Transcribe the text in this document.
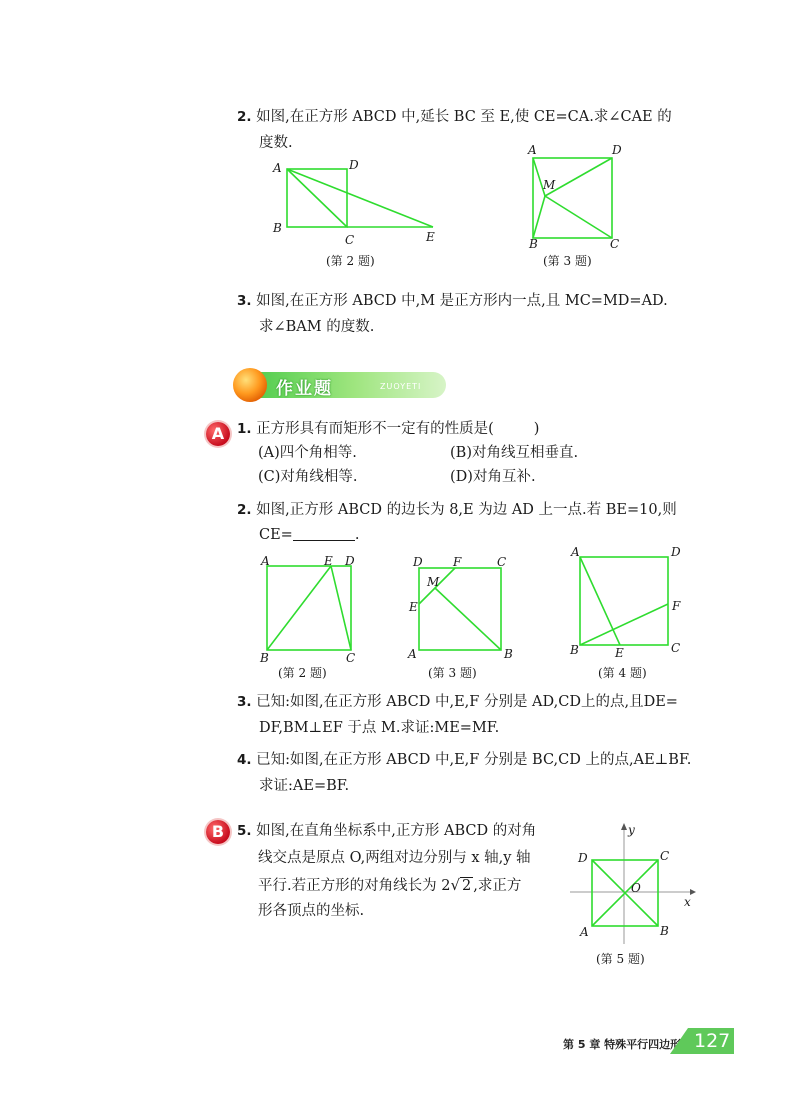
2. 如图,在正方形 ABCD 中,延长 BC 至 E,使 CE=CA.求∠CAE 的
度数.
A	D
B
C	E
(第 2 题)
A	D
M
B	C
(第 3 题)
3. 如图,在正方形 ABCD 中,M 是正方形内一点,且 MC=MD=AD.
求∠BAM 的度数.
作业题	ZUOYETI
A 1. 正方形具有而矩形不一定有的性质是(	)
(A)四个角相等.	(B)对角线互相垂直.
(C)对角线相等.	(D)对角互补.
2. 如图,正方形 ABCD 的边长为 8,E 为边 AD 上一点.若 BE=10,则
CE=	.
A	E D
B	C
(第 2 题)
D	F	C
M
E
A	B
(第 3 题)
A	D
F
B	E	C
(第 4 题)
3. 已知:如图,在正方形 ABCD 中,E,F 分别是 AD,CD上的点,且DE=
DF,BM⊥EF 于点 M.求证:ME=MF.
4. 已知:如图,在正方形 ABCD 中,E,F 分别是 BC,CD 上的点,AE⊥BF.
求证:AE=BF.
B 5. 如图,在直角坐标系中,正方形 ABCD 的对角
线交点是原点 O,两组对边分别与 x 轴,y 轴
平行.若正方形的对角线长为 2√ 2 ,求正方
形各顶点的坐标.
y
D	C
O
x
A	B
(第 5 题)
第 5 章 特殊平行四边形 127
